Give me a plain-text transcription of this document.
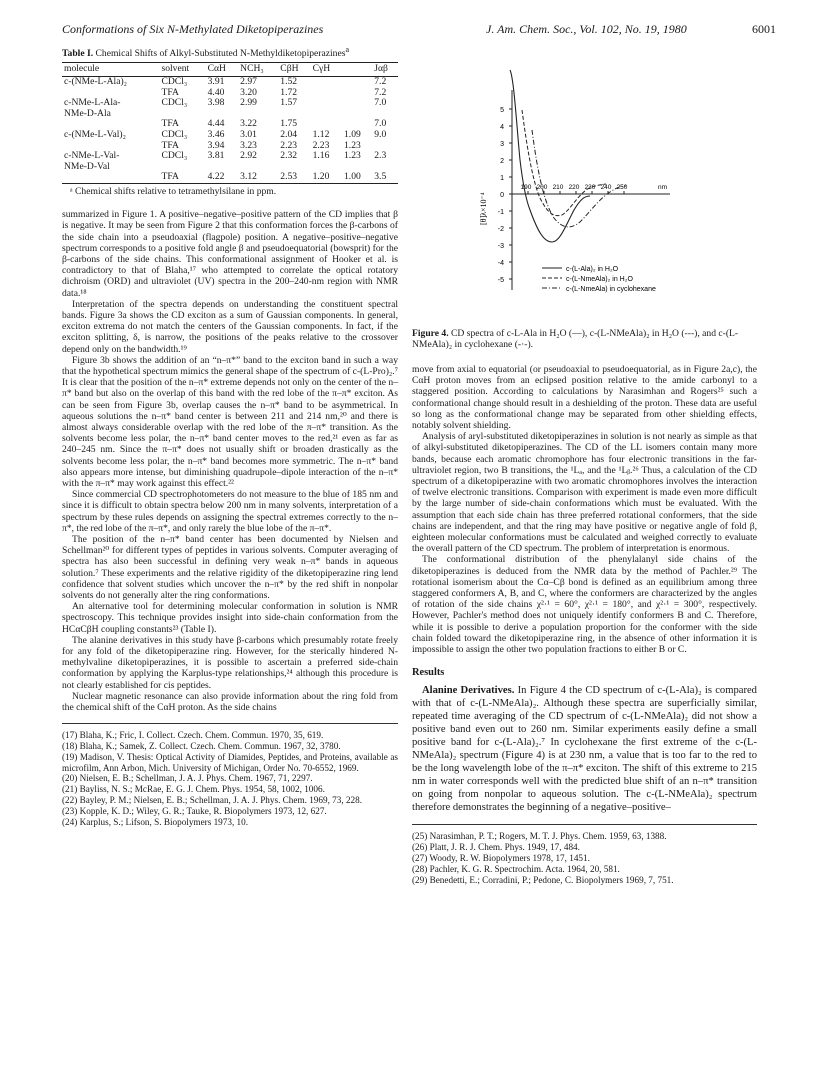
Conformations of Six N-Methylated Diketopiperazines	J. Am. Chem. Soc., Vol. 102, No. 19, 1980	6001
Table I. Chemical Shifts of Alkyl-Substituted N-Methyldiketopiperazines$^a$
molecule	solvent	CαH	NCH₃	CβH	CγH		Jαβ
c-(NMe-L-Ala)₂	CDCl₃	3.91	2.97	1.52			7.2
	TFA	4.40	3.20	1.72			7.2
c-NMe-L-Ala-	CDCl₃	3.98	2.99	1.57			7.0
NMe-D-Ala							
	TFA	4.44	3.22	1.75			7.0
c-(NMe-L-Val)₂	CDCl₃	3.46	3.01	2.04	1.12	1.09	9.0
	TFA	3.94	3.23	2.23	2.23	1.23	
c-NMe-L-Val-	CDCl₃	3.81	2.92	2.32	1.16	1.23	2.3
NMe-D-Val							
	TFA	4.22	3.12	2.53	1.20	1.00	3.5
ᵃ Chemical shifts relative to tetramethylsilane in ppm.

summarized in Figure 1. A positive–negative–positive pattern of the CD implies that β is negative. It may be seen from Figure 2 that this conformation forces the β-carbons of the side chain into a pseudoaxial (flagpole) position. A negative–positive–negative spectrum corresponds to a positive fold angle β and pseudoequatorial (bowsprit) for the β-carbons of the side chains. This conformational assignment of Hooker et al. is contradictory to that of Blaha,¹⁷ who attempted to correlate the optical rotatory dichroism (ORD) and ultraviolet (UV) spectra in the 200–240-nm region with NMR data.¹⁸

Interpretation of the spectra depends on understanding the constituent spectral bands. Figure 3a shows the CD exciton as a sum of Gaussian components. In general, exciton extrema do not match the centers of the Gaussian components. In fact, if the exciton splitting, δ, is narrow, the positions of the peaks relative to the crossover depend only on the bandwidth.¹⁹

Figure 3b shows the addition of an “n–π*” band to the exciton band in such a way that the hypothetical spectrum mimics the general shape of the spectrum of c-(L-Pro)₂.⁷ It is clear that the position of the n–π* extreme depends not only on the center of the n–π* band but also on the overlap of this band with the red lobe of the π–π* exciton. As can be seen from Figure 3b, overlap causes the n–π* band to be asymmetrical. In aqueous solutions the n–π* band center is between 211 and 214 nm,²⁰ and there is almost always considerable overlap with the red lobe of the π–π* transition. As the solvents become less polar, the n–π* band center moves to the red,²¹ even as far as 240–245 nm. Since the π–π* does not usually shift or broaden drastically as the solvents become less polar, the n–π* band becomes more symmetric. The n–π* band also appears more intense, but diminishing quadrupole–dipole interaction of the n–π* with the π–π* may work against this effect.²²

Since commercial CD spectrophotometers do not measure to the blue of 185 nm and since it is difficult to obtain spectra below 200 nm in many solvents, interpretation of a spectrum by these rules depends on assigning the spectral extremes correctly to the n–π*, the red lobe of the π–π*, and only rarely the blue lobe of the π–π*.

The position of the n–π* band center has been documented by Nielsen and Schellman²⁰ for different types of peptides in various solvents. Computer averaging of spectra has also been successful in defining very weak n–π* bands in aqueous solution.⁷ These experiments and the relative rigidity of the diketopiperazine ring lend confidence that solvent studies which uncover the n–π* by the red shift in nonpolar solvents do not generally alter the ring conformations.

An alternative tool for determining molecular conformation in solution is NMR spectroscopy. This technique provides insight into side-chain conformation from the HCαCβH coupling constants²³ (Table I).

The alanine derivatives in this study have β-carbons which presumably rotate freely for any fold of the diketopiperazine ring. However, for the sterically hindered N-methylvaline diketopiperazines, it is possible to ascertain a preferred side-chain conformation by applying the Karplus-type relationships,²⁴ although this procedure is not clearly established for cis peptides.

Nuclear magnetic resonance can also provide information about the ring fold from the chemical shift of the CαH proton. As the side chains

(17) Blaha, K.; Fric, I. Collect. Czech. Chem. Commun. 1970, 35, 619.
(18) Blaha, K.; Samek, Z. Collect. Czech. Chem. Commun. 1967, 32, 3780.
(19) Madison, V. Thesis: Optical Activity of Diamides, Peptides, and Proteins, available as microfilm, Ann Arbon, Mich. University of Michigan, Order No. 70-6552, 1969.
(20) Nielsen, E. B.; Schellman, J. A. J. Phys. Chem. 1967, 71, 2297.
(21) Bayliss, N. S.; McRae, E. G. J. Chem. Phys. 1954, 58, 1002, 1006.
(22) Bayley, P. M.; Nielsen, E. B.; Schellman, J. A. J. Phys. Chem. 1969, 73, 228.
(23) Kopple, K. D.; Wiley, G. R.; Tauke, R. Biopolymers 1973, 12, 627.
(24) Karplus, S.; Lifson, S. Biopolymers 1973, 10.
5
4
3
2
1
0
-1
-2
-3
-4
-5
190 200 210 220 230 240 250	nm
[θ]λ×10⁻⁴
c-(L-Ala)₂ in H₂O
c-(L-NmeAla)₂ in H₂O
c-(L-NmeAla) in cyclohexane
Figure 4. CD spectra of c-L-Ala in H₂O (—), c-(L-NMeAla)₂ in H₂O (---), and c-(L-NMeAla)₂ in cyclohexane (-·-).

move from axial to equatorial (or pseudoaxial to pseudoequatorial, as in Figure 2a,c), the CαH proton moves from an eclipsed position relative to the amide carbonyl to a staggered position. According to calculations by Narasimhan and Rogers²⁵ such a conformational change should result in a deshielding of the proton. These data are useful so long as the conformational change may be separated from other shielding effects, notably solvent shielding.

Analysis of aryl-substituted diketopiperazines in solution is not nearly as simple as that of alkyl-substituted diketopiperazines. The CD of the LL isomers contain many more bands, because each aromatic chromophore has four electronic transitions in the far-ultraviolet region, two B transitions, the ¹Lₐ, and the ¹Lᵦ.²⁶ Thus, a calculation of the CD spectrum of a diketopiperazine with two aromatic chromophores involves the interaction of twelve electronic transitions. Comparison with experiment is made even more difficult by the large number of side-chain conformations which must be evaluated. With the assumption that each side chain has three preferred rotational conformers, that the side chains are independent, and that the ring may have positive or negative angle of fold β, eighteen molecular conformations must be calculated and weighed correctly to evaluate the overall pattern of the CD spectrum. The problem of interpretation is enormous.

The conformational distribution of the phenylalanyl side chains of the diketopiperazines is deduced from the NMR data by the method of Pachler.²⁹ The rotational isomerism about the Cα–Cβ bond is defined as an equilibrium among three staggered conformers A, B, and C, where the conformers are characterized by the angles of rotation of the side chains χ²·¹ = 60°, χ²·¹ = 180°, and χ²·¹ = 300°, respectively. However, Pachler's method does not uniquely identify conformers B and C. Therefore, while it is possible to derive a population proportion for the conformer with the side chain folded toward the diketopiperazine ring, in the absence of other information it is impossible to assign the other two population fractions to either B or C.

Results

Alanine Derivatives. In Figure 4 the CD spectrum of c-(L-Ala)₂ is compared with that of c-(L-NMeAla)₂. Although these spectra are superficially similar, repeated time averaging of the CD spectrum of c-(L-NMeAla)₂ did not show a positive band even out to 260 nm. Similar experiments easily define a small positive band for c-(L-Ala)₂.⁷ In cyclohexane the first extreme of the c-(L-NMeAla)₂ spectrum (Figure 4) is at 230 nm, a value that is too far to the red to be the long wavelength lobe of the π–π* exciton. The shift of this extreme to 215 nm in water corresponds well with the predicted blue shift of an n–π* transition on going from nonpolar to aqueous solution. The c-(L-NMeAla)₂ spectrum therefore demonstrates the beginning of a negative–positive–

(25) Narasimhan, P. T.; Rogers, M. T. J. Phys. Chem. 1959, 63, 1388.
(26) Platt, J. R. J. Chem. Phys. 1949, 17, 484.
(27) Woody, R. W. Biopolymers 1978, 17, 1451.
(28) Pachler, K. G. R. Spectrochim. Acta. 1964, 20, 581.
(29) Benedetti, E.; Corradini, P.; Pedone, C. Biopolymers 1969, 7, 751.
